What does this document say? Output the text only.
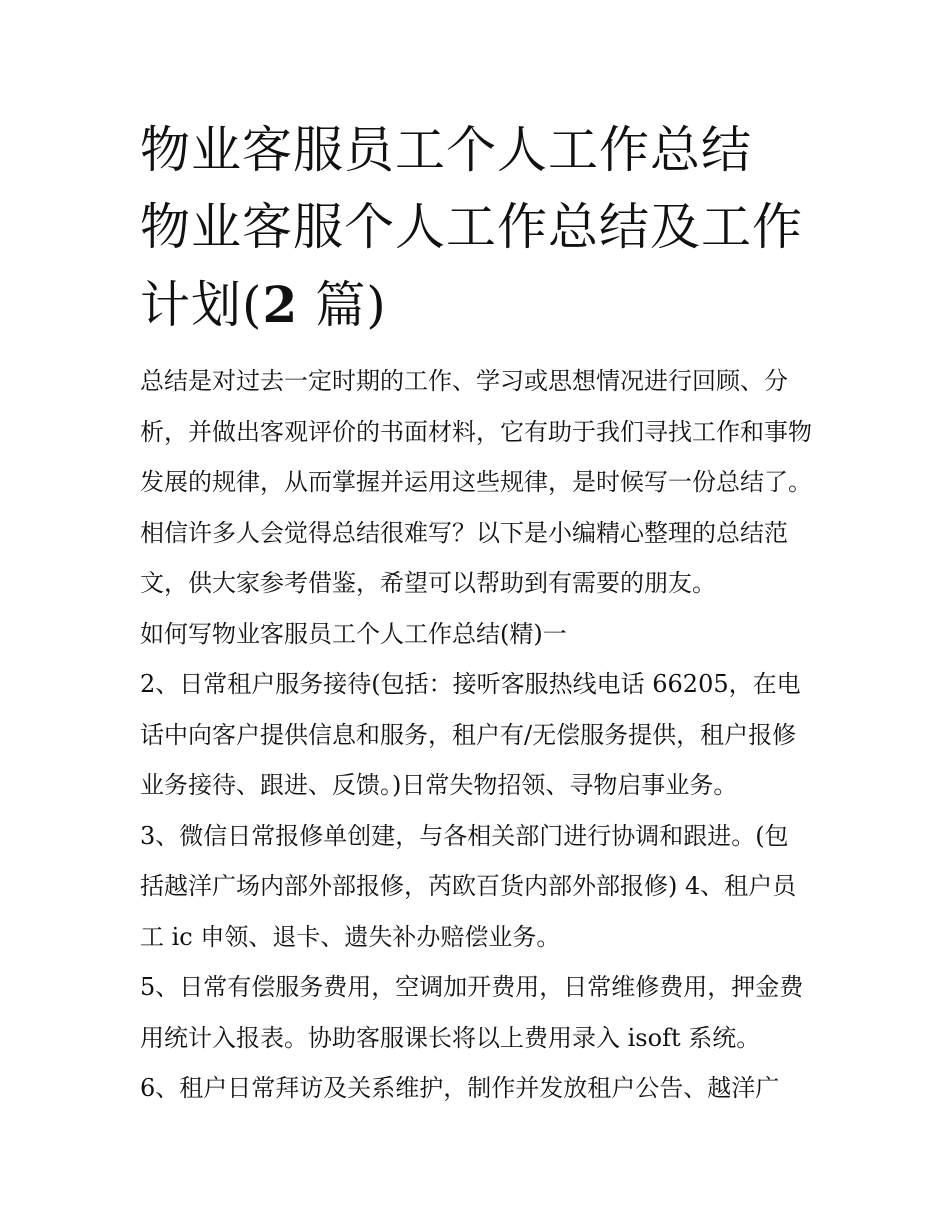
物业客服员工个人工作总结 物业客服个人工作总结及工作计划(2 篇)

总结是对过去一定时期的工作、学习或思想情况进行回顾、分析，并做出客观评价的书面材料，它有助于我们寻找工作和事物发展的规律，从而掌握并运用这些规律，是时候写一份总结了。相信许多人会觉得总结很难写？以下是小编精心整理的总结范文，供大家参考借鉴，希望可以帮助到有需要的朋友。

如何写物业客服员工个人工作总结(精)一

2、日常租户服务接待(包括：接听客服热线电话 66205，在电话中向客户提供信息和服务，租户有/无偿服务提供，租户报修业务接待、跟进、反馈。)日常失物招领、寻物启事业务。

3、微信日常报修单创建，与各相关部门进行协调和跟进。(包括越洋广场内部外部报修，芮欧百货内部外部报修) 4、租户员工 ic 申领、退卡、遗失补办赔偿业务。

5、日常有偿服务费用，空调加开费用，日常维修费用，押金费用统计入报表。协助客服课长将以上费用录入 isoft 系统。

6、租户日常拜访及关系维护，制作并发放租户公告、越洋广
